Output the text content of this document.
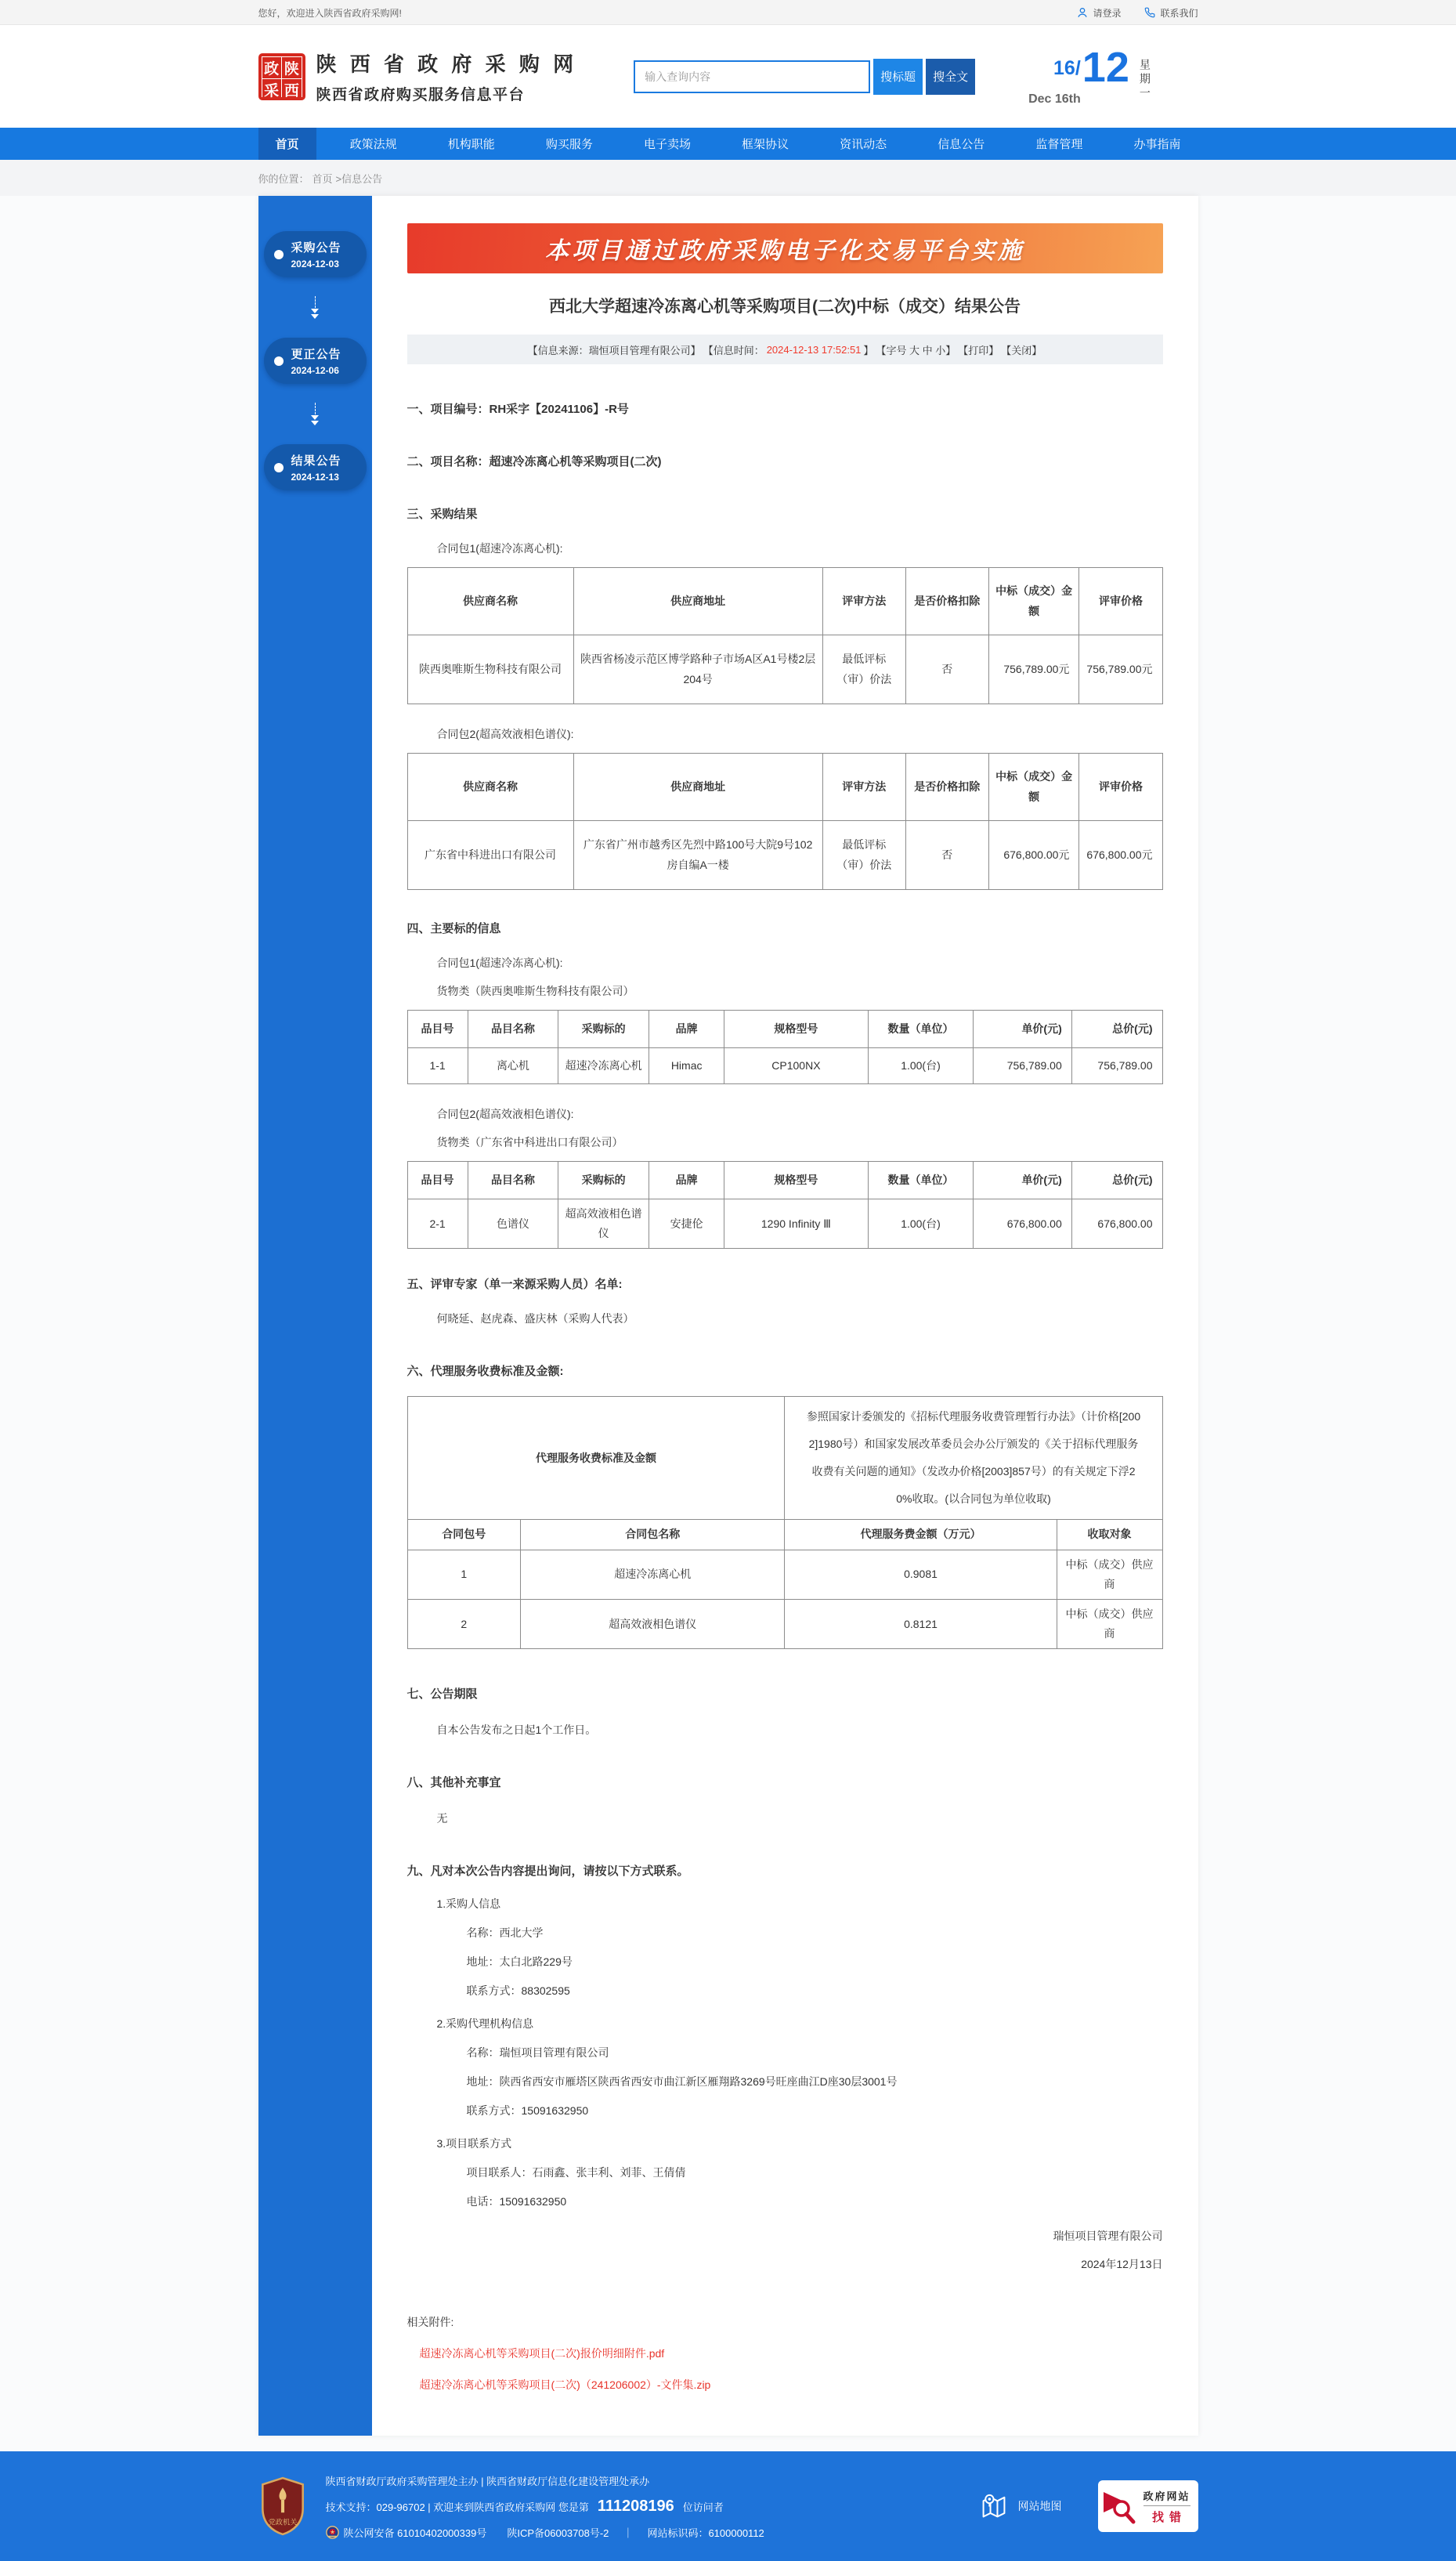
您好，欢迎进入陕西省政府采购网!	请登录	联系我们
政 陕
采 西
陕 西 省 政 府 采 购 网
陕西省政府购买服务信息平台
输入查询内容
搜标题	搜全文	16/
Dec 16th
12 星期一
首页	政策法规	机构职能	购买服务	电子卖场	框架协议	资讯动态	信息公告	监督管理	办事指南
你的位置： 首页 >信息公告
采购公告
2024-12-03
更正公告
2024-12-06
结果公告
2024-12-13
本项目通过政府采购电子化交易平台实施
西北大学超速冷冻离心机等采购项目(二次)中标（成交）结果公告
【信息来源：瑞恒项目管理有限公司】 【信息时间： 2024-12-13 17:52:51 】 【字号 大 中 小】 【打印】 【关闭】
一、项目编号：RH采字【20241106】-R号
二、项目名称：超速冷冻离心机等采购项目(二次)
三、采购结果
合同包1(超速冷冻离心机):
供应商名称	供应商地址	评审方法	是否价格扣除	中标（成交）金额	评审价格
陕西奥唯斯生物科技有限公司	陕西省杨凌示范区博学路种子市场A区A1号楼2层204号	最低评标（审）价法	否	756,789.00元	756,789.00元
合同包2(超高效液相色谱仪):
供应商名称	供应商地址	评审方法	是否价格扣除	中标（成交）金额	评审价格
广东省中科进出口有限公司	广东省广州市越秀区先烈中路100号大院9号102房自编A一楼	最低评标（审）价法	否	676,800.00元	676,800.00元
四、主要标的信息
合同包1(超速冷冻离心机):
货物类（陕西奥唯斯生物科技有限公司）
品目号	品目名称	采购标的	品牌	规格型号	数量（单位）	单价(元)	总价(元)
1-1	离心机	超速冷冻离心机	Himac	CP100NX	1.00(台)	756,789.00	756,789.00
合同包2(超高效液相色谱仪):
货物类（广东省中科进出口有限公司）
品目号	品目名称	采购标的	品牌	规格型号	数量（单位）	单价(元)	总价(元)
2-1	色谱仪	超高效液相色谱仪	安捷伦	1290 Infinity Ⅲ	1.00(台)	676,800.00	676,800.00
五、评审专家（单一来源采购人员）名单:
何晓延、赵虎森、盛庆林（采购人代表）
六、代理服务收费标准及金额:
代理服务收费标准及金额		参照国家计委颁发的《招标代理服务收费管理暂行办法》（计价格[2002]1980号）和国家发展改革委员会办公厅颁发的《关于招标代理服务收费有关问题的通知》（发改办价格[2003]857号）的有关规定下浮20%收取。(以合同包为单位收取)	
合同包号	合同包名称	代理服务费金额（万元）	收取对象
1	超速冷冻离心机	0.9081	中标（成交）供应商
2	超高效液相色谱仪	0.8121	中标（成交）供应商
七、公告期限
自本公告发布之日起1个工作日。
八、其他补充事宜
无
九、凡对本次公告内容提出询问，请按以下方式联系。
1.采购人信息
名称：西北大学
地址：太白北路229号
联系方式：88302595
2.采购代理机构信息
名称：瑞恒项目管理有限公司
地址：陕西省西安市雁塔区陕西省西安市曲江新区雁翔路3269号旺座曲江D座30层3001号
联系方式：15091632950
3.项目联系方式
项目联系人：石雨鑫、张丰利、刘菲、王倩倩
电话：15091632950
瑞恒项目管理有限公司
2024年12月13日
相关附件:
超速冷冻离心机等采购项目(二次)报价明细附件.pdf
超速冷冻离心机等采购项目(二次)（241206002）-文件集.zip
党政机关
陕西省财政厅政府采购管理处主办 | 陕西省财政厅信息化建设管理处承办
技术支持：029-96702 | 欢迎来到陕西省政府采购网 您是第 111208196 位访问者
陕公网安备 61010402000339号 陕ICP备06003708号-2 ｜ 网站标识码：6100000112
网站地图
政府网站
找错
